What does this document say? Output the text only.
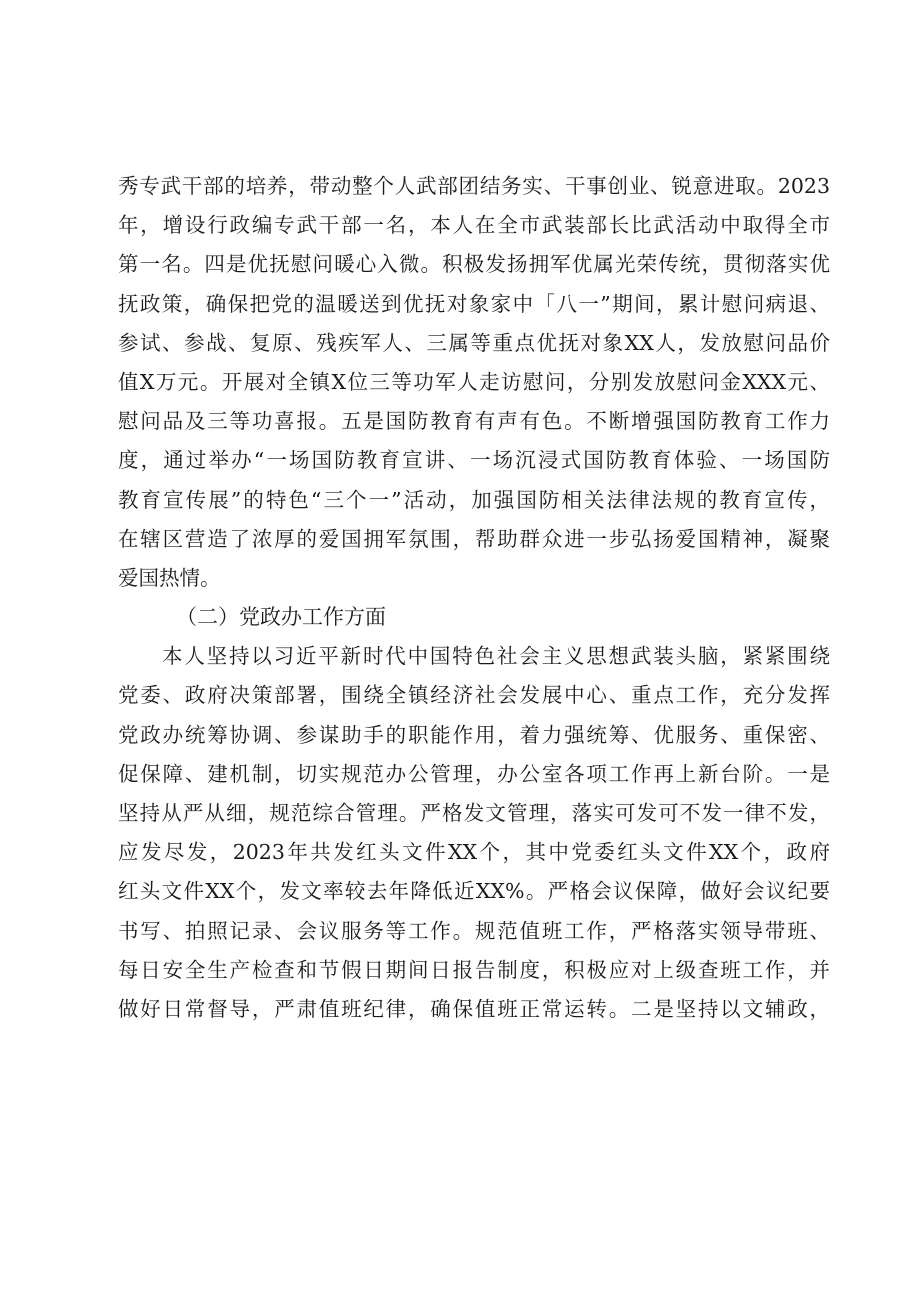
秀专武干部的培养，带动整个人武部团结务实、干事创业、锐意进取。2023
年，增设行政编专武干部一名，本人在全市武装部长比武活动中取得全市
第一名。四是优抚慰问暖心入微。积极发扬拥军优属光荣传统，贯彻落实优
抚政策，确保把党的温暖送到优抚对象家中「八一”期间，累计慰问病退、
参试、参战、复原、残疾军人、三属等重点优抚对象XX人，发放慰问品价
值X万元。开展对全镇X位三等功军人走访慰问，分别发放慰问金XXX元、
慰问品及三等功喜报。五是国防教育有声有色。不断增强国防教育工作力
度，通过举办“一场国防教育宣讲、一场沉浸式国防教育体验、一场国防
教育宣传展”的特色“三个一”活动，加强国防相关法律法规的教育宣传，
在辖区营造了浓厚的爱国拥军氛围，帮助群众进一步弘扬爱国精神，凝聚
爱国热情。
（二）党政办工作方面
本人坚持以习近平新时代中国特色社会主义思想武装头脑，紧紧围绕
党委、政府决策部署，围绕全镇经济社会发展中心、重点工作，充分发挥
党政办统筹协调、参谋助手的职能作用，着力强统筹、优服务、重保密、
促保障、建机制，切实规范办公管理，办公室各项工作再上新台阶。一是
坚持从严从细，规范综合管理。严格发文管理，落实可发可不发一律不发，
应发尽发，2023年共发红头文件XX个，其中党委红头文件XX个，政府
红头文件XX个，发文率较去年降低近XX%。严格会议保障，做好会议纪要
书写、拍照记录、会议服务等工作。规范值班工作，严格落实领导带班、
每日安全生产检查和节假日期间日报告制度，积极应对上级查班工作，并
做好日常督导，严肃值班纪律，确保值班正常运转。二是坚持以文辅政，
